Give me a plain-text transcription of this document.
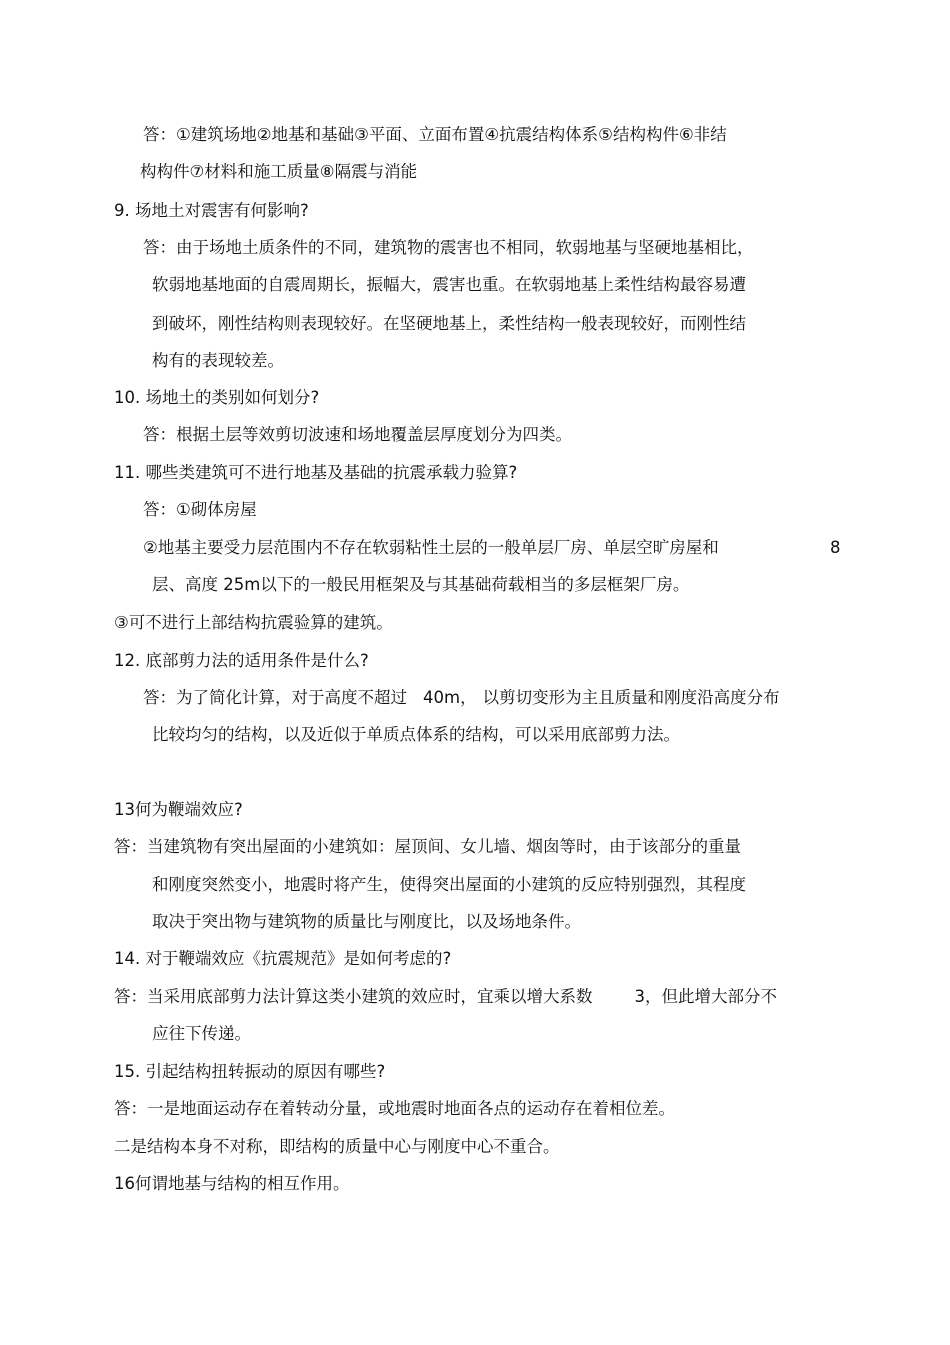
答：①建筑场地②地基和基础③平面、立面布置④抗震结构体系⑤结构构件⑥非结
构构件⑦材料和施工质量⑧隔震与消能
9. 场地土对震害有何影响?
答：由于场地土质条件的不同，建筑物的震害也不相同，软弱地基与坚硬地基相比，
软弱地基地面的自震周期长，振幅大，震害也重。在软弱地基上柔性结构最容易遭
到破坏，刚性结构则表现较好。在坚硬地基上，柔性结构一般表现较好，而刚性结
构有的表现较差。
10. 场地土的类别如何划分?
答：根据土层等效剪切波速和场地覆盖层厚度划分为四类。
11. 哪些类建筑可不进行地基及基础的抗震承载力验算?
答：①砌体房屋
②地基主要受力层范围内不存在软弱粘性土层的一般单层厂房、单层空旷房屋和	8
层、高度 25m以下的一般民用框架及与其基础荷载相当的多层框架厂房。
③可不进行上部结构抗震验算的建筑。
12. 底部剪力法的适用条件是什么?
答：为了简化计算，对于高度不超过 40m， 以剪切变形为主且质量和刚度沿高度分布
比较均匀的结构，以及近似于单质点体系的结构，可以采用底部剪力法。
13何为鞭端效应?
答：当建筑物有突出屋面的小建筑如：屋顶间、女儿墙、烟囱等时，由于该部分的重量
和刚度突然变小，地震时将产生，使得突出屋面的小建筑的反应特别强烈，其程度
取决于突出物与建筑物的质量比与刚度比，以及场地条件。
14. 对于鞭端效应《抗震规范》是如何考虑的?
答：当采用底部剪力法计算这类小建筑的效应时，宜乘以增大系数	3，但此增大部分不
应往下传递。
15. 引起结构扭转振动的原因有哪些?
答：一是地面运动存在着转动分量，或地震时地面各点的运动存在着相位差。
二是结构本身不对称，即结构的质量中心与刚度中心不重合。
16何谓地基与结构的相互作用。
